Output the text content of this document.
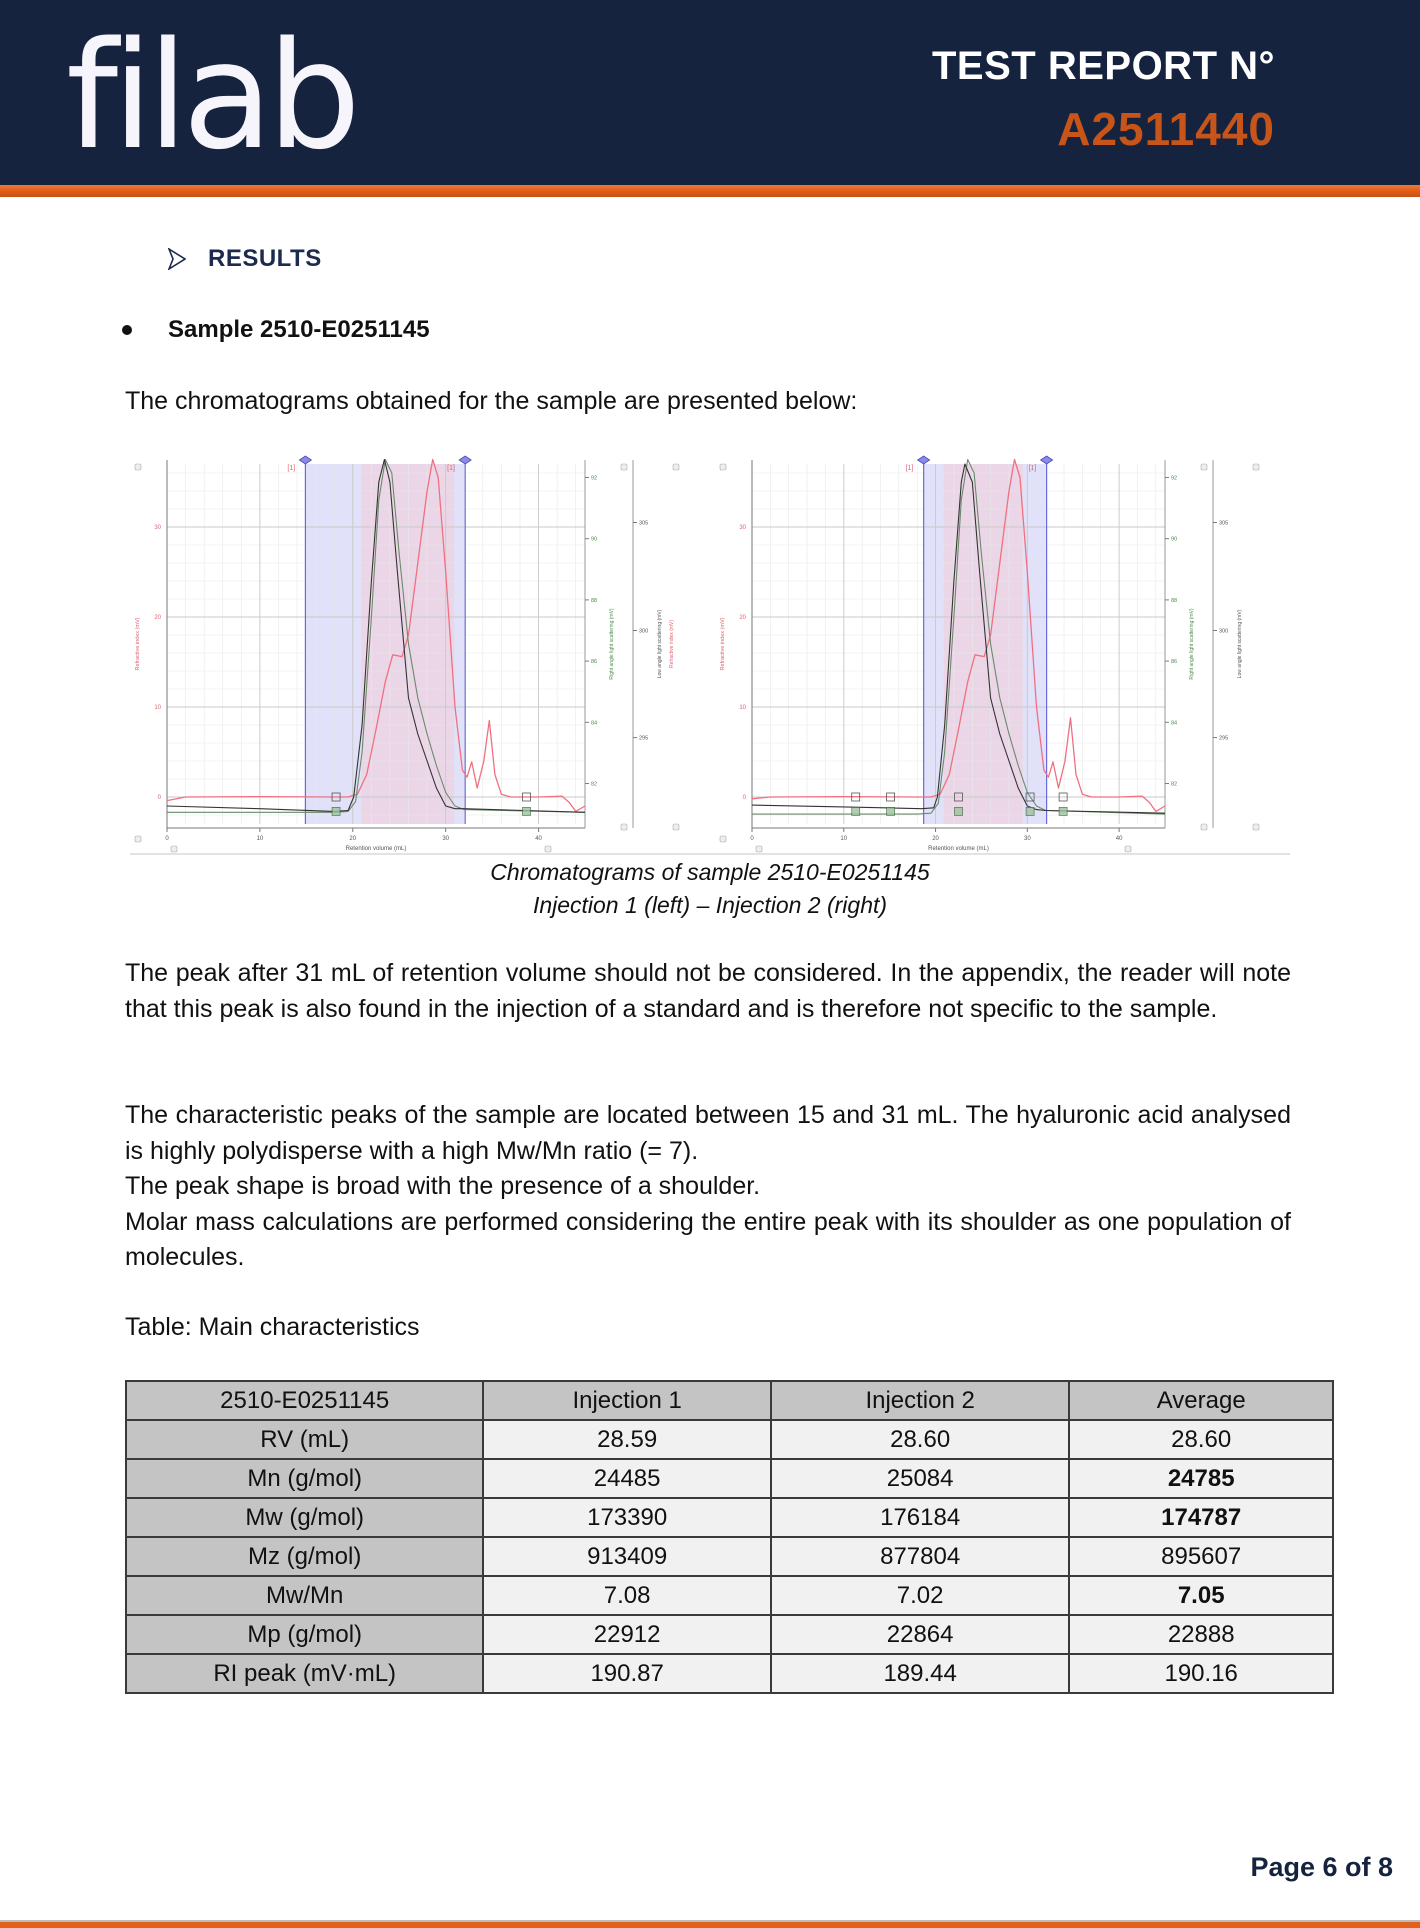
filab	TEST REPORT N°
A2511440
RESULTS
Sample 2510-E0251145

The chromatograms obtained for the sample are presented below:

[1]	[1]
0	10	20	30	40
Retention volume (mL)
0
10
20
30
Refractive index (mV)
82
84
86
88
90
92
Right angle light scattering (mV)
305
300
295
Low angle light scattering (mV) Refractive index (mV)
[1]	[1]
0	10	20	30	40
Retention volume (mL)
0
10
20
30
Refractive index (mV)
82
84
86
88
90
92
Right angle light scattering (mV)
305
300
295
Low angle light scattering (mV)
Chromatograms of sample 2510-E0251145
Injection 1 (left) – Injection 2 (right)

The peak after 31 mL of retention volume should not be considered. In the appendix, the reader will note that this peak is also found in the injection of a standard and is therefore not specific to the sample.

The characteristic peaks of the sample are located between 15 and 31 mL. The hyaluronic acid analysed is highly polydisperse with a high Mw/Mn ratio (= 7).

The peak shape is broad with the presence of a shoulder.

Molar mass calculations are performed considering the entire peak with its shoulder as one population of molecules.

Table: Main characteristics

2510-E0251145	Injection 1	Injection 2	Average
RV (mL)	28.59	28.60	28.60
Mn (g/mol)	24485	25084	24785
Mw (g/mol)	173390	176184	174787
Mz (g/mol)	913409	877804	895607
Mw/Mn	7.08	7.02	7.05
Mp (g/mol)	22912	22864	22888
RI peak (mV·mL)	190.87	189.44	190.16
Page 6 of 8
